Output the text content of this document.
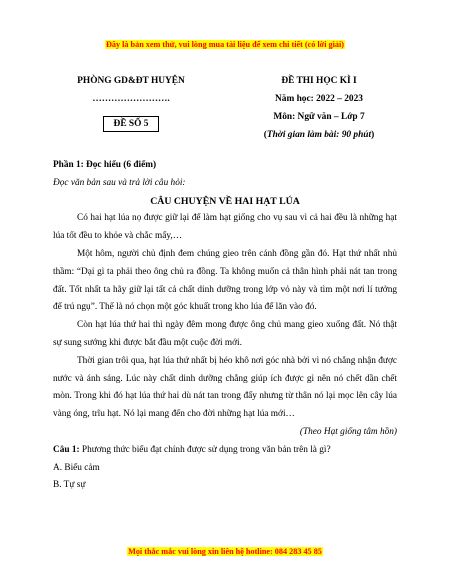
Đây là bản xem thử, vui lòng mua tài liệu để xem chi tiết (có lời giải)
PHÒNG GD&ĐT HUYỆN
…………………….
ĐỀ SỐ 5
ĐỀ THI HỌC KÌ I
Năm học: 2022 – 2023
Môn: Ngữ văn – Lớp 7
(Thời gian làm bài: 90 phút)
Phần 1: Đọc hiểu (6 điểm)
Đọc văn bản sau và trả lời câu hỏi:
CÂU CHUYỆN VỀ HAI HẠT LÚA
Có hai hạt lúa nọ được giữ lại để làm hạt giống cho vụ sau vì cả hai đều là những hạt lúa tốt đều to khỏe và chắc mẩy,…
Một hôm, người chủ định đem chúng gieo trên cánh đồng gần đó. Hạt thứ nhất nhủ thầm: “Dại gì ta phải theo ông chủ ra đồng. Ta không muốn cả thân hình phải nát tan trong đất. Tốt nhất ta hãy giữ lại tất cả chất dinh dưỡng trong lớp vỏ này và tìm một nơi lí tưởng để trú ngụ”. Thế là nó chọn một góc khuất trong kho lúa để lăn vào đó.
Còn hạt lúa thứ hai thì ngày đêm mong được ông chủ mang gieo xuống đất. Nó thật sự sung sướng khi được bắt đầu một cuộc đời mới.
Thời gian trôi qua, hạt lúa thứ nhất bị héo khô nơi góc nhà bởi vì nó chẳng nhận được nước và ánh sáng. Lúc này chất dinh dưỡng chẳng giúp ích được gì nên nó chết dần chết mòn. Trong khi đó hạt lúa thứ hai dù nát tan trong đấy nhưng từ thân nó lại mọc lên cây lúa vàng óng, trĩu hạt. Nó lại mang đến cho đời những hạt lúa mới…
(Theo Hạt giống tâm hồn)
Câu 1: Phương thức biểu đạt chính được sử dụng trong văn bản trên là gì?
A. Biểu cảm
B. Tự sự
Mọi thắc mắc vui lòng xin liên hệ hotline: 084 283 45 85
